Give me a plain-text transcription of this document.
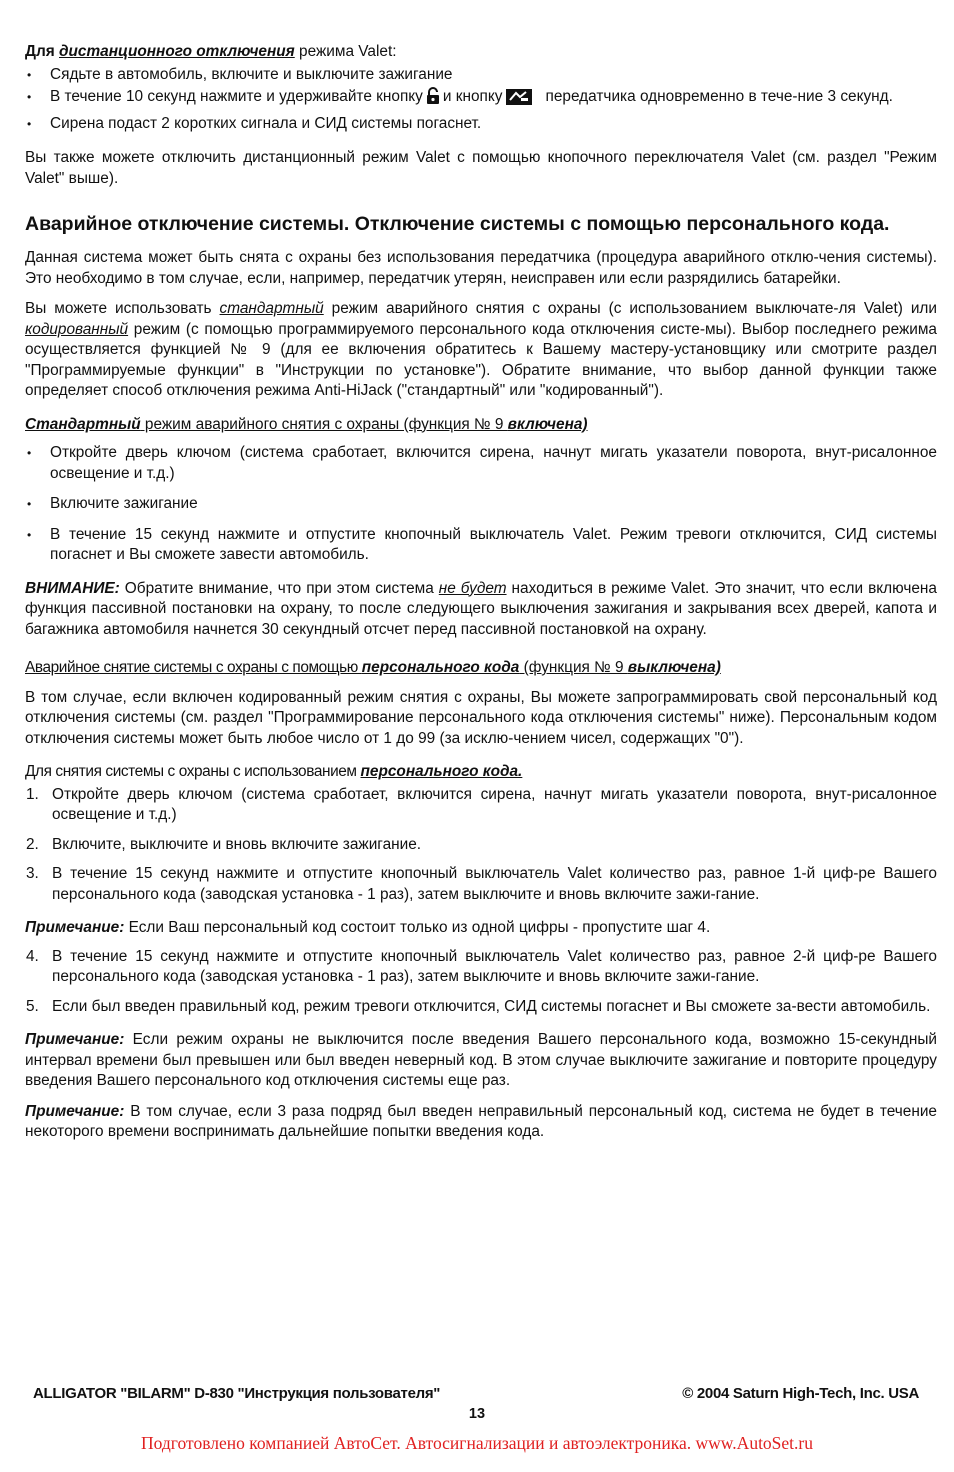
Для дистанционного отключения режима Valet:

• Сядьте в автомобиль, включите и выключите зажигание
• В течение 10 секунд нажмите и удерживайте кнопку и кнопку	передатчика одновременно в тече-ние 3 секунд.
• Сирена подаст 2 коротких сигнала и СИД системы погаснет.

Вы также можете отключить дистанционный режим Valet с помощью кнопочного переключателя Valet (см. раздел "Режим Valet" выше).

Аварийное отключение системы. Отключение системы с помощью персонального кода.

Данная система может быть снята с охраны без использования передатчика (процедура аварийного отклю-чения системы). Это необходимо в том случае, если, например, передатчик утерян, неисправен или если разрядились батарейки.

Вы можете использовать стандартный режим аварийного снятия с охраны (с использованием выключате-ля Valet) или кодированный режим (с помощью программируемого персонального кода отключения систе-мы). Выбор последнего режима осуществляется функцией № 9 (для ее включения обратитесь к Вашему мастеру-установщику или смотрите раздел "Программируемые функции" в "Инструкции по установке"). Обратите внимание, что выбор данной функции также определяет способ отключения режима Anti-HiJack ("стандартный" или "кодированный").

Стандартный режим аварийного снятия с охраны (функция № 9 включена)

• Откройте дверь ключом (система сработает, включится сирена, начнут мигать указатели поворота, внут-рисалонное освещение и т.д.)
• Включите зажигание
• В течение 15 секунд нажмите и отпустите кнопочный выключатель Valet. Режим тревоги отключится, СИД системы погаснет и Вы сможете завести автомобиль.

ВНИМАНИЕ: Обратите внимание, что при этом система не будет находиться в режиме Valet. Это значит, что если включена функция пассивной постановки на охрану, то после следующего выключения зажигания и закрывания всех дверей, капота и багажника автомобиля начнется 30 секундный отсчет перед пассивной постановкой на охрану.

Аварийное снятие системы с охраны с помощью персонального кода (функция № 9 выключена)

В том случае, если включен кодированный режим снятия с охраны, Вы можете запрограммировать свой персональный код отключения системы (см. раздел "Программирование персонального кода отключения системы" ниже). Персональным кодом отключения системы может быть любое число от 1 до 99 (за исклю-чением чисел, содержащих "0").

Для снятия системы с охраны с использованием персонального кода.

1. Откройте дверь ключом (система сработает, включится сирена, начнут мигать указатели поворота, внут-рисалонное освещение и т.д.)
2. Включите, выключите и вновь включите зажигание.
3. В течение 15 секунд нажмите и отпустите кнопочный выключатель Valet количество раз, равное 1-й циф-ре Вашего персонального кода (заводская установка - 1 раз), затем выключите и вновь включите зажи-гание.

Примечание: Если Ваш персональный код состоит только из одной цифры - пропустите шаг 4.

4. В течение 15 секунд нажмите и отпустите кнопочный выключатель Valet количество раз, равное 2-й циф-ре Вашего персонального кода (заводская установка - 1 раз), затем выключите и вновь включите зажи-гание.
5. Если был введен правильный код, режим тревоги отключится, СИД системы погаснет и Вы сможете за-вести автомобиль.

Примечание: Если режим охраны не выключится после введения Вашего персонального кода, возможно 15-секундный интервал времени был превышен или был введен неверный код. В этом случае выключите зажигание и повторите процедуру введения Вашего персонального код отключения системы еще раз.

Примечание: В том случае, если 3 раза подряд был введен неправильный персональный код, система не будет в течение некоторого времени воспринимать дальнейшие попытки введения кода.

ALLIGATOR "BILARM" D-830 "Инструкция пользователя"	© 2004 Saturn High-Tech, Inc. USA
13
Подготовлено компанией АвтоСет. Автосигнализации и автоэлектроника. www.AutoSet.ru
